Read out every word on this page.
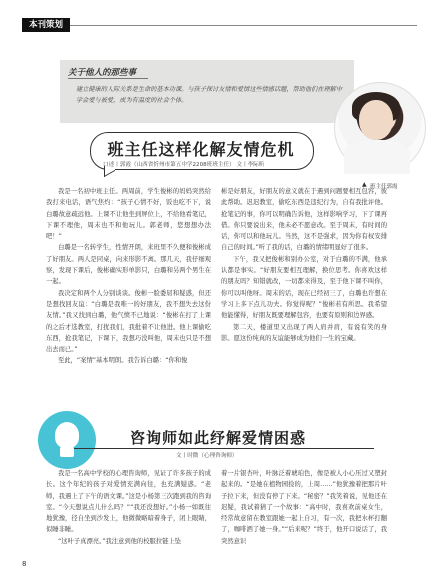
本刊策划
关于他人的那些事
建立健康的人际关系是生命的基本功课。与孩子探讨友情和爱情这些情感话题，帮助他们在理解中学会爱与被爱，成为有温度的社会个体。
▲ 班主任郭霞
班主任这样化解友情危机
口述丨郭霞（山西省忻州市第五中学2208班班主任） 文丨李际昕

我是一名初中班主任。两周前，学生俊彬的妈妈突然给我打来电话，语气焦灼：“孩子心情不好，饭也吃不下，说白璐故意疏远他。上课不让他坐到屏位上，不给他看笔记，下课不理他，周末也不和他玩儿。郭老师，您想想办法吧！”

白璐是一名转学生，性情开朗，来班里不久便和俊彬成了好朋友。两人是同桌，向来形影不离。那几天，我仔细观察，发现下课后，俊彬确实形单影只，白璐和另两个男生在一起。

我决定和两个人分别谈谈。俊彬一脸委屈和疑惑，但还是想找回友谊：“白璐是我唯一的好朋友，我不想失去这份友情。”我又找到白璐，他气愤不已地说：“俊彬在打了上课的之后才选教室，打扰我们，我批着不让他进。他上课偷吃东西，抢我笔记，下课下，我想巧没叫他，周末也只是不想出去而已。”

至此，“案情”基本明朗。我告诉白璐：“你和俊

彬是好朋友，好朋友的意义就在于遇到问题要相互包容，彼此帮助。迟迟教室，偷吃东西是违纪行为，自有我批评他。抢笔记的事，你可以明确告诉他，这样影响学习，下了课再借。你只要说出来，他未必不愿意改。至于周末，有时间的话，你可以和他玩儿。当然，这不是强求，因为你有权安排自己的时间。”听了我的话，白璐的情绪明显好了很多。

下午，我又把俊彬和别办公室，对于白璐的不满，他承认都是事实。“好朋友要相互理解，换位思考。你喜欢这样的朋友吗？知错就改，一切都来得及，至于他下课不叫你，你可以叫他呀。周末的话，现在已经初三了，白璐也许想在学习上多下点儿功夫。你觉得呢？”俊彬若有所思。我希望他能懂得，好朋友既要理解包容，也要有原则和边界感。

第二天，楼道里又出现了两人肩并肩，有说有笑的身影。愿这份纯真的友谊能够成为他们一生的宝藏。

咨询师如此纾解爱情困惑
文丨时微（心理咨询师）

我是一名高中学校的心理咨询师，见证了许多孩子的成长。这个年纪的孩子对爱情充满向往，也充满疑惑。“老师，我遇上了下午的语文课。”这是小杨第三次跑到我的咨询室。“今天想说点儿什么吗？”“我还没想好。”小杨一如既往地犹豫，径自坐到沙发上，他微微略暗着身子，闭上眼睛，似睡非睡。

“这叶子真漂亮。”我注意到他的校服拉链上坠

着一片银杏叶，叶脉泛着琥珀色，像是被人小心压过又塑封起来的。“是她在植物园捡的，上周……”他犹豫着把那片叶子拉下来，但没有停了下来。“秘密？”我笑着说，见他还在迟疑，我试着猜了一个故事：“高中时，我喜欢前桌女生，经常故意留在教室跟她一起上自习，有一次，我把水杯打翻了，咖啡洒了她一身。”“后来呢？”终于，他开口说话了，我突然意识

8
